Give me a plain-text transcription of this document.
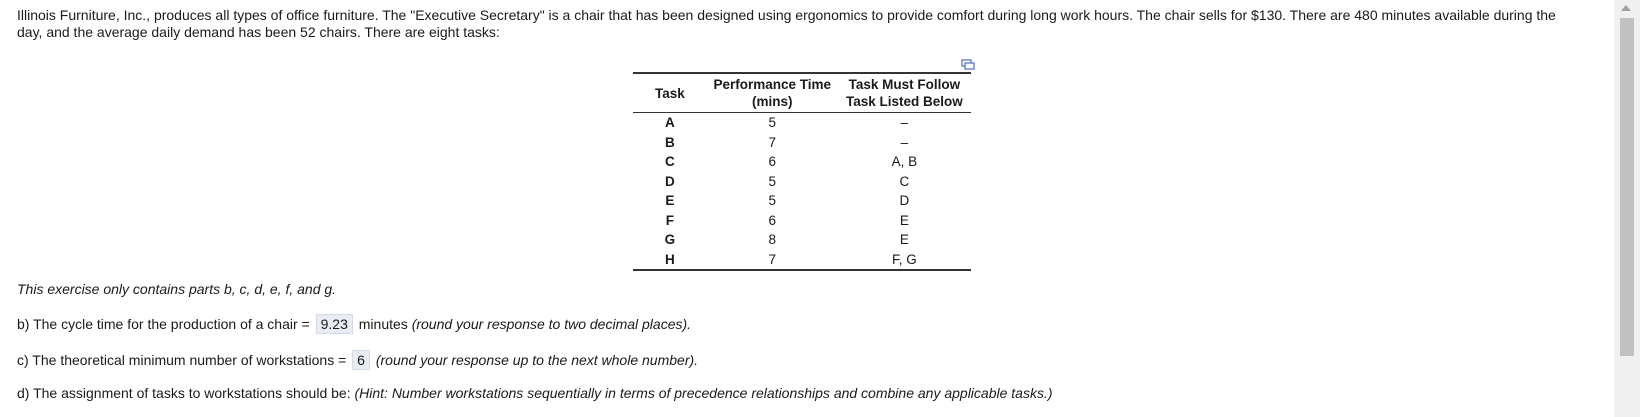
Illinois Furniture, Inc., produces all types of office furniture. The "Executive Secretary" is a chair that has been designed using ergonomics to provide comfort during long work hours. The chair sells for $130. There are 480 minutes available during the day, and the average daily demand has been 52 chairs. There are eight tasks:

Task	Performance Time (mins)	Task Must Follow Task Listed Below
A	5	–
B	7	–
C	6	A, B
D	5	C
E	5	D
F	6	E
G	8	E
H	7	F, G

This exercise only contains parts b, c, d, e, f, and g.

b) The cycle time for the production of a chair = 9.23 minutes (round your response to two decimal places).

c) The theoretical minimum number of workstations = 6 (round your response up to the next whole number).

d) The assignment of tasks to workstations should be: (Hint: Number workstations sequentially in terms of precedence relationships and combine any applicable tasks.)
